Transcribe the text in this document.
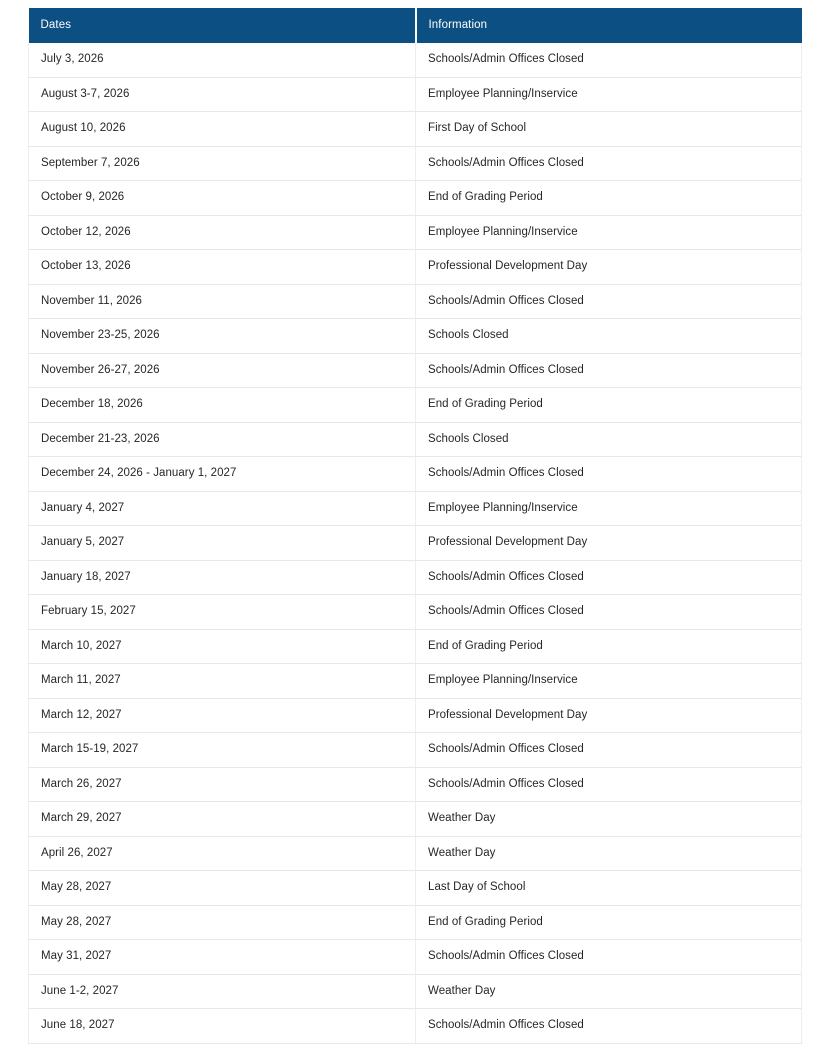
Dates	Information
July 3, 2026	Schools/Admin Offices Closed
August 3-7, 2026	Employee Planning/Inservice
August 10, 2026	First Day of School
September 7, 2026	Schools/Admin Offices Closed
October 9, 2026	End of Grading Period
October 12, 2026	Employee Planning/Inservice
October 13, 2026	Professional Development Day
November 11, 2026	Schools/Admin Offices Closed
November 23-25, 2026	Schools Closed
November 26-27, 2026	Schools/Admin Offices Closed
December 18, 2026	End of Grading Period
December 21-23, 2026	Schools Closed
December 24, 2026 - January 1, 2027	Schools/Admin Offices Closed
January 4, 2027	Employee Planning/Inservice
January 5, 2027	Professional Development Day
January 18, 2027	Schools/Admin Offices Closed
February 15, 2027	Schools/Admin Offices Closed
March 10, 2027	End of Grading Period
March 11, 2027	Employee Planning/Inservice
March 12, 2027	Professional Development Day
March 15-19, 2027	Schools/Admin Offices Closed
March 26, 2027	Schools/Admin Offices Closed
March 29, 2027	Weather Day
April 26, 2027	Weather Day
May 28, 2027	Last Day of School
May 28, 2027	End of Grading Period
May 31, 2027	Schools/Admin Offices Closed
June 1-2, 2027	Weather Day
June 18, 2027	Schools/Admin Offices Closed
